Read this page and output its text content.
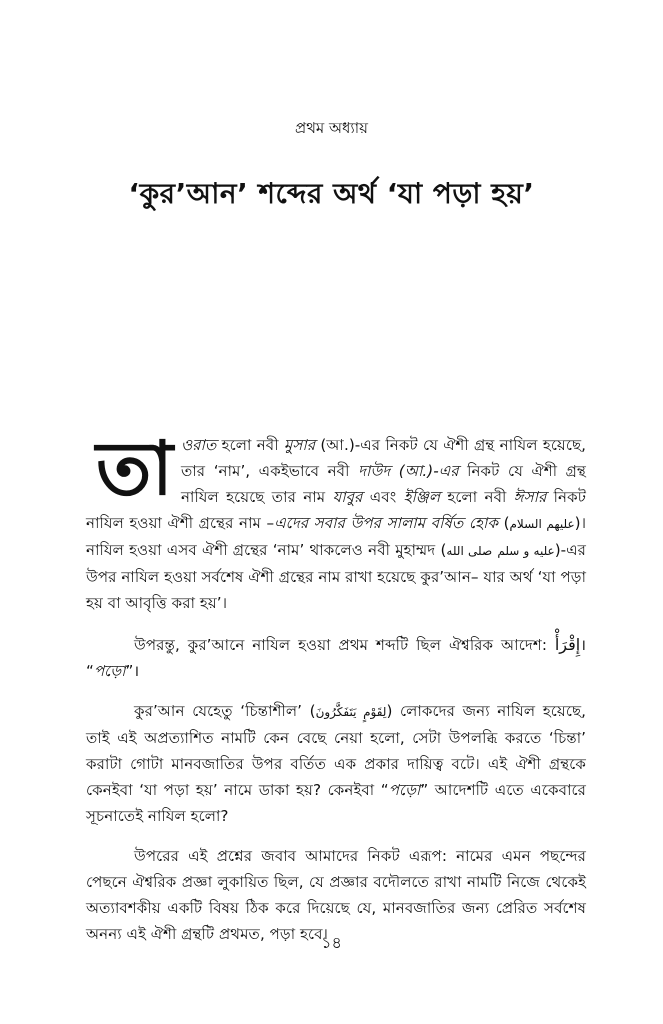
প্রথম অধ্যায়
‘কুর’আন’ শব্দের অর্থ ‘যা পড়া হয়’

তাওরাত হলো নবী মুসার (আ.)-এর নিকট যে ঐশী গ্রন্থ নাযিল হয়েছে, তার ‘নাম’, একইভাবে নবী দাউদ (আ.)-এর নিকট যে ঐশী গ্রন্থ নাযিল হয়েছে তার নাম যাবুর এবং ইঞ্জিল হলো নবী ঈসার নিকট নাযিল হওয়া ঐশী গ্রন্থের নাম –এদের সবার উপর সালাম বর্ষিত হোক (عليهم السلام)। নাযিল হওয়া এসব ঐশী গ্রন্থের ‘নাম’ থাকলেও নবী মুহাম্মদ (صلى الله عليه و سلم)-এর উপর নাযিল হওয়া সর্বশেষ ঐশী গ্রন্থের নাম রাখা হয়েছে কুর’আন– যার অর্থ ‘যা পড়া হয় বা আবৃত্তি করা হয়’।

উপরন্তু, কুর’আনে নাযিল হওয়া প্রথম শব্দটি ছিল ঐশ্বরিক আদেশ: إِقْرَأْ। “পড়ো”।

কুর’আন যেহেতু ‘চিন্তাশীল’ (لِقَوْمٍ يَتَفَكَّرُونَ) লোকদের জন্য নাযিল হয়েছে, তাই এই অপ্রত্যাশিত নামটি কেন বেছে নেয়া হলো, সেটা উপলব্ধি করতে ‘চিন্তা’ করাটা গোটা মানবজাতির উপর বর্তিত এক প্রকার দায়িত্ব বটে। এই ঐশী গ্রন্থকে কেনইবা ‘যা পড়া হয়’ নামে ডাকা হয়? কেনইবা “পড়ো” আদেশটি এতে একেবারে সূচনাতেই নাযিল হলো?

উপরের এই প্রশ্নের জবাব আমাদের নিকট এরূপ: নামের এমন পছন্দের পেছনে ঐশ্বরিক প্রজ্ঞা লুকায়িত ছিল, যে প্রজ্ঞার বদৌলতে রাখা নামটি নিজে থেকেই অত্যাবশকীয় একটি বিষয় ঠিক করে দিয়েছে যে, মানবজাতির জন্য প্রেরিত সর্বশেষ অনন্য এই ঐশী গ্রন্থটি প্রথমত, পড়া হবে।

১৪
